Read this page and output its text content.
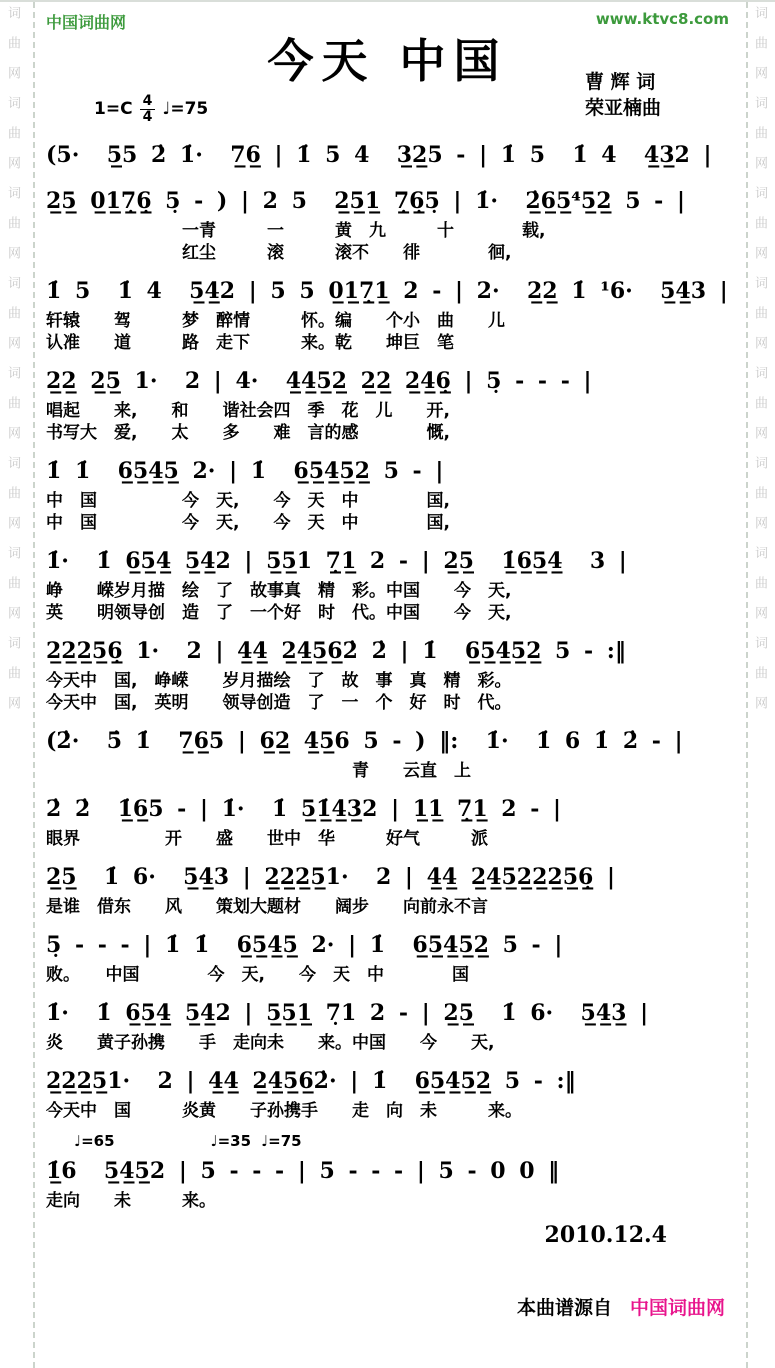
词曲网词曲网词曲网词曲网词曲网词曲网词曲网词曲网	词曲网词曲网词曲网词曲网词曲网词曲网词曲网词曲网
中国词曲网	www.ktvc8.com
今天 中国	曹 辉 词
荣亚楠曲
1=C 4
4 ♩=75
(5·  5̲5 2̇ 1̇·  7̲6̲ | 1̇ 5 4  3̲2̲5 - | 1̇ 5  1̇ 4  4̲3̲2 |
2̲5̲ 0̲1̲7̣̲6̣̲ 5̣ - ) | 2 5  2̲5̲1̲ 7̣̲6̣̲5̣ | 1̇·  2̲̇6̲5̲⁴5̲2̲ 5 - |
　　　　　　　　一青　　　一　　　黄　九　　　十　　　　载,
　　　　　　　　红尘　　　滚　　　滚不　　徘　　　　徊,
1̇ 5  1̇ 4  5̲4̲2 | 5 5 0̲1̲7̣̲1̲ 2 - | 2·  2̲2̲ 1̇ ¹6·  5̲4̲3 |
轩辕　　驾　　　梦　醉情　　　怀。编　　个小　曲　　儿
认准　　道　　　路　走下　　　来。乾　　坤巨　笔
2̲2̲ 2̲5̲ 1·  2 | 4·  4̲4̲5̲2̲ 2̲2̲ 2̲4̲6̣̲ | 5̣ - - - |
唱起　　来,　　和　　谐社会四　季　花　儿　　开,
书写大　爱,　　太　　多　　难　言的感　　　　慨,
1̇ 1̇  6̲5̲4̲5̲ 2· | 1̇  6̲5̲4̲5̲2̲ 5 - |
中　国　　　　　今　天,　　今　天　中　　　　国,
中　国　　　　　今　天,　　今　天　中　　　　国,
1̇·  1̇ 6̲5̲4̲ 5̲4̲2 | 5̲5̲1 7̣̲1̲ 2 - | 2̲5̲  1̲̇6̲5̲4̲  3 |
峥　　嵘岁月描　绘　了　故事真　精　彩。中国　　今　天,
英　　明领导创　造　了　一个好　时　代。中国　　今　天,
2̲2̲2̲5̲6̣̲ 1·  2 | 4̲4̲ 2̲4̲5̲6̲2̇ 2̇ | 1̇  6̲5̲4̲5̲2̲ 5 - :‖
今天中　国,　峥嵘　　岁月描绘　了　故　事　真　精　彩。
今天中　国,　英明　　领导创造　了　一　个　好　时　代。
(2̇·  5̇ 1̇  7̲6̲5 | 6̲2̲ 4̲5̲6 5 - ) ‖:  1̇·  1̇ 6 1̇ 2̇ - |
　　　　　　　　　　　　　　　　　　青　　云直　上
2̇ 2̇  1̲̇6̲5 - | 1̇·  1̇ 5̲1̲̇4̲3̲2 | 1̲1̲ 7̣̲1̲ 2 - |
眼界　　　　　开　　盛　　世中　华　　　好气　　　派
2̲5̲  1̇ 6·  5̲4̲3 | 2̲2̲2̲5̲1·  2 | 4̲4̲ 2̲4̲5̲2̲2̲2̲5̲6̣̲ |
是谁　借东　　风　　策划大题材　　阔步　　向前永不言
5̣ - - - | 1̇ 1̇  6̲5̲4̲5̲ 2· | 1̇  6̲5̲4̲5̲2̲ 5 - |
败。　　中国　　　　今　天,　　今　天　中　　　　国
1̇·  1̇ 6̲5̲4̲ 5̲4̲2 | 5̲5̲1̲ 7̣1 2 - | 2̲5̲  1̇ 6·  5̲4̲3̲ |
炎　　黄子孙携　　手　走向未　　来。中国　　今　　天,
2̲2̲2̲5̲1·  2 | 4̲4̲ 2̲4̲5̲6̲2̇· | 1̇  6̲5̲4̲5̲2̲ 5 - :‖
今天中　国　　　炎黄　　子孙携手　　走　向　未　　　来。
♩=65	♩=35 ♩=75
1̲̇6  5̲4̲5̲2 | 5 - - - | 5 - - - | 5 - 0 0 ‖
走向　　未　　　来。
2010.12.4

本曲谱源自 中国词曲网
